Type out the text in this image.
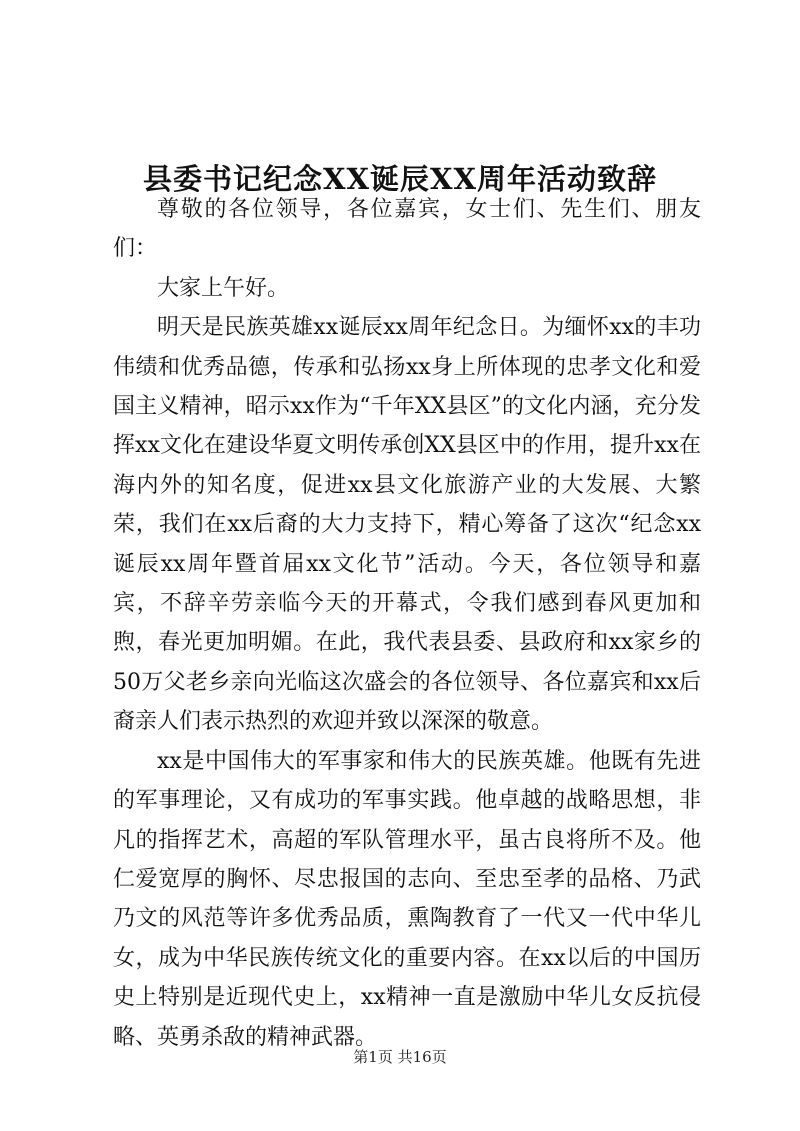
县委书记纪念XX诞辰XX周年活动致辞

尊敬的各位领导，各位嘉宾，女士们、先生们、朋友们：

大家上午好。

明天是民族英雄xx诞辰xx周年纪念日。为缅怀xx的丰功伟绩和优秀品德，传承和弘扬xx身上所体现的忠孝文化和爱国主义精神，昭示xx作为“千年XX县区”的文化内涵，充分发挥xx文化在建设华夏文明传承创XX县区中的作用，提升xx在海内外的知名度，促进xx县文化旅游产业的大发展、大繁荣，我们在xx后裔的大力支持下，精心筹备了这次“纪念xx诞辰xx周年暨首届xx文化节”活动。今天，各位领导和嘉宾，不辞辛劳亲临今天的开幕式，令我们感到春风更加和煦，春光更加明媚。在此，我代表县委、县政府和xx家乡的50万父老乡亲向光临这次盛会的各位领导、各位嘉宾和xx后裔亲人们表示热烈的欢迎并致以深深的敬意。

xx是中国伟大的军事家和伟大的民族英雄。他既有先进的军事理论，又有成功的军事实践。他卓越的战略思想，非凡的指挥艺术，高超的军队管理水平，虽古良将所不及。他仁爱宽厚的胸怀、尽忠报国的志向、至忠至孝的品格、乃武乃文的风范等许多优秀品质，熏陶教育了一代又一代中华儿女，成为中华民族传统文化的重要内容。在xx以后的中国历史上特别是近现代史上，xx精神一直是激励中华儿女反抗侵略、英勇杀敌的精神武器。

第1页 共16页
